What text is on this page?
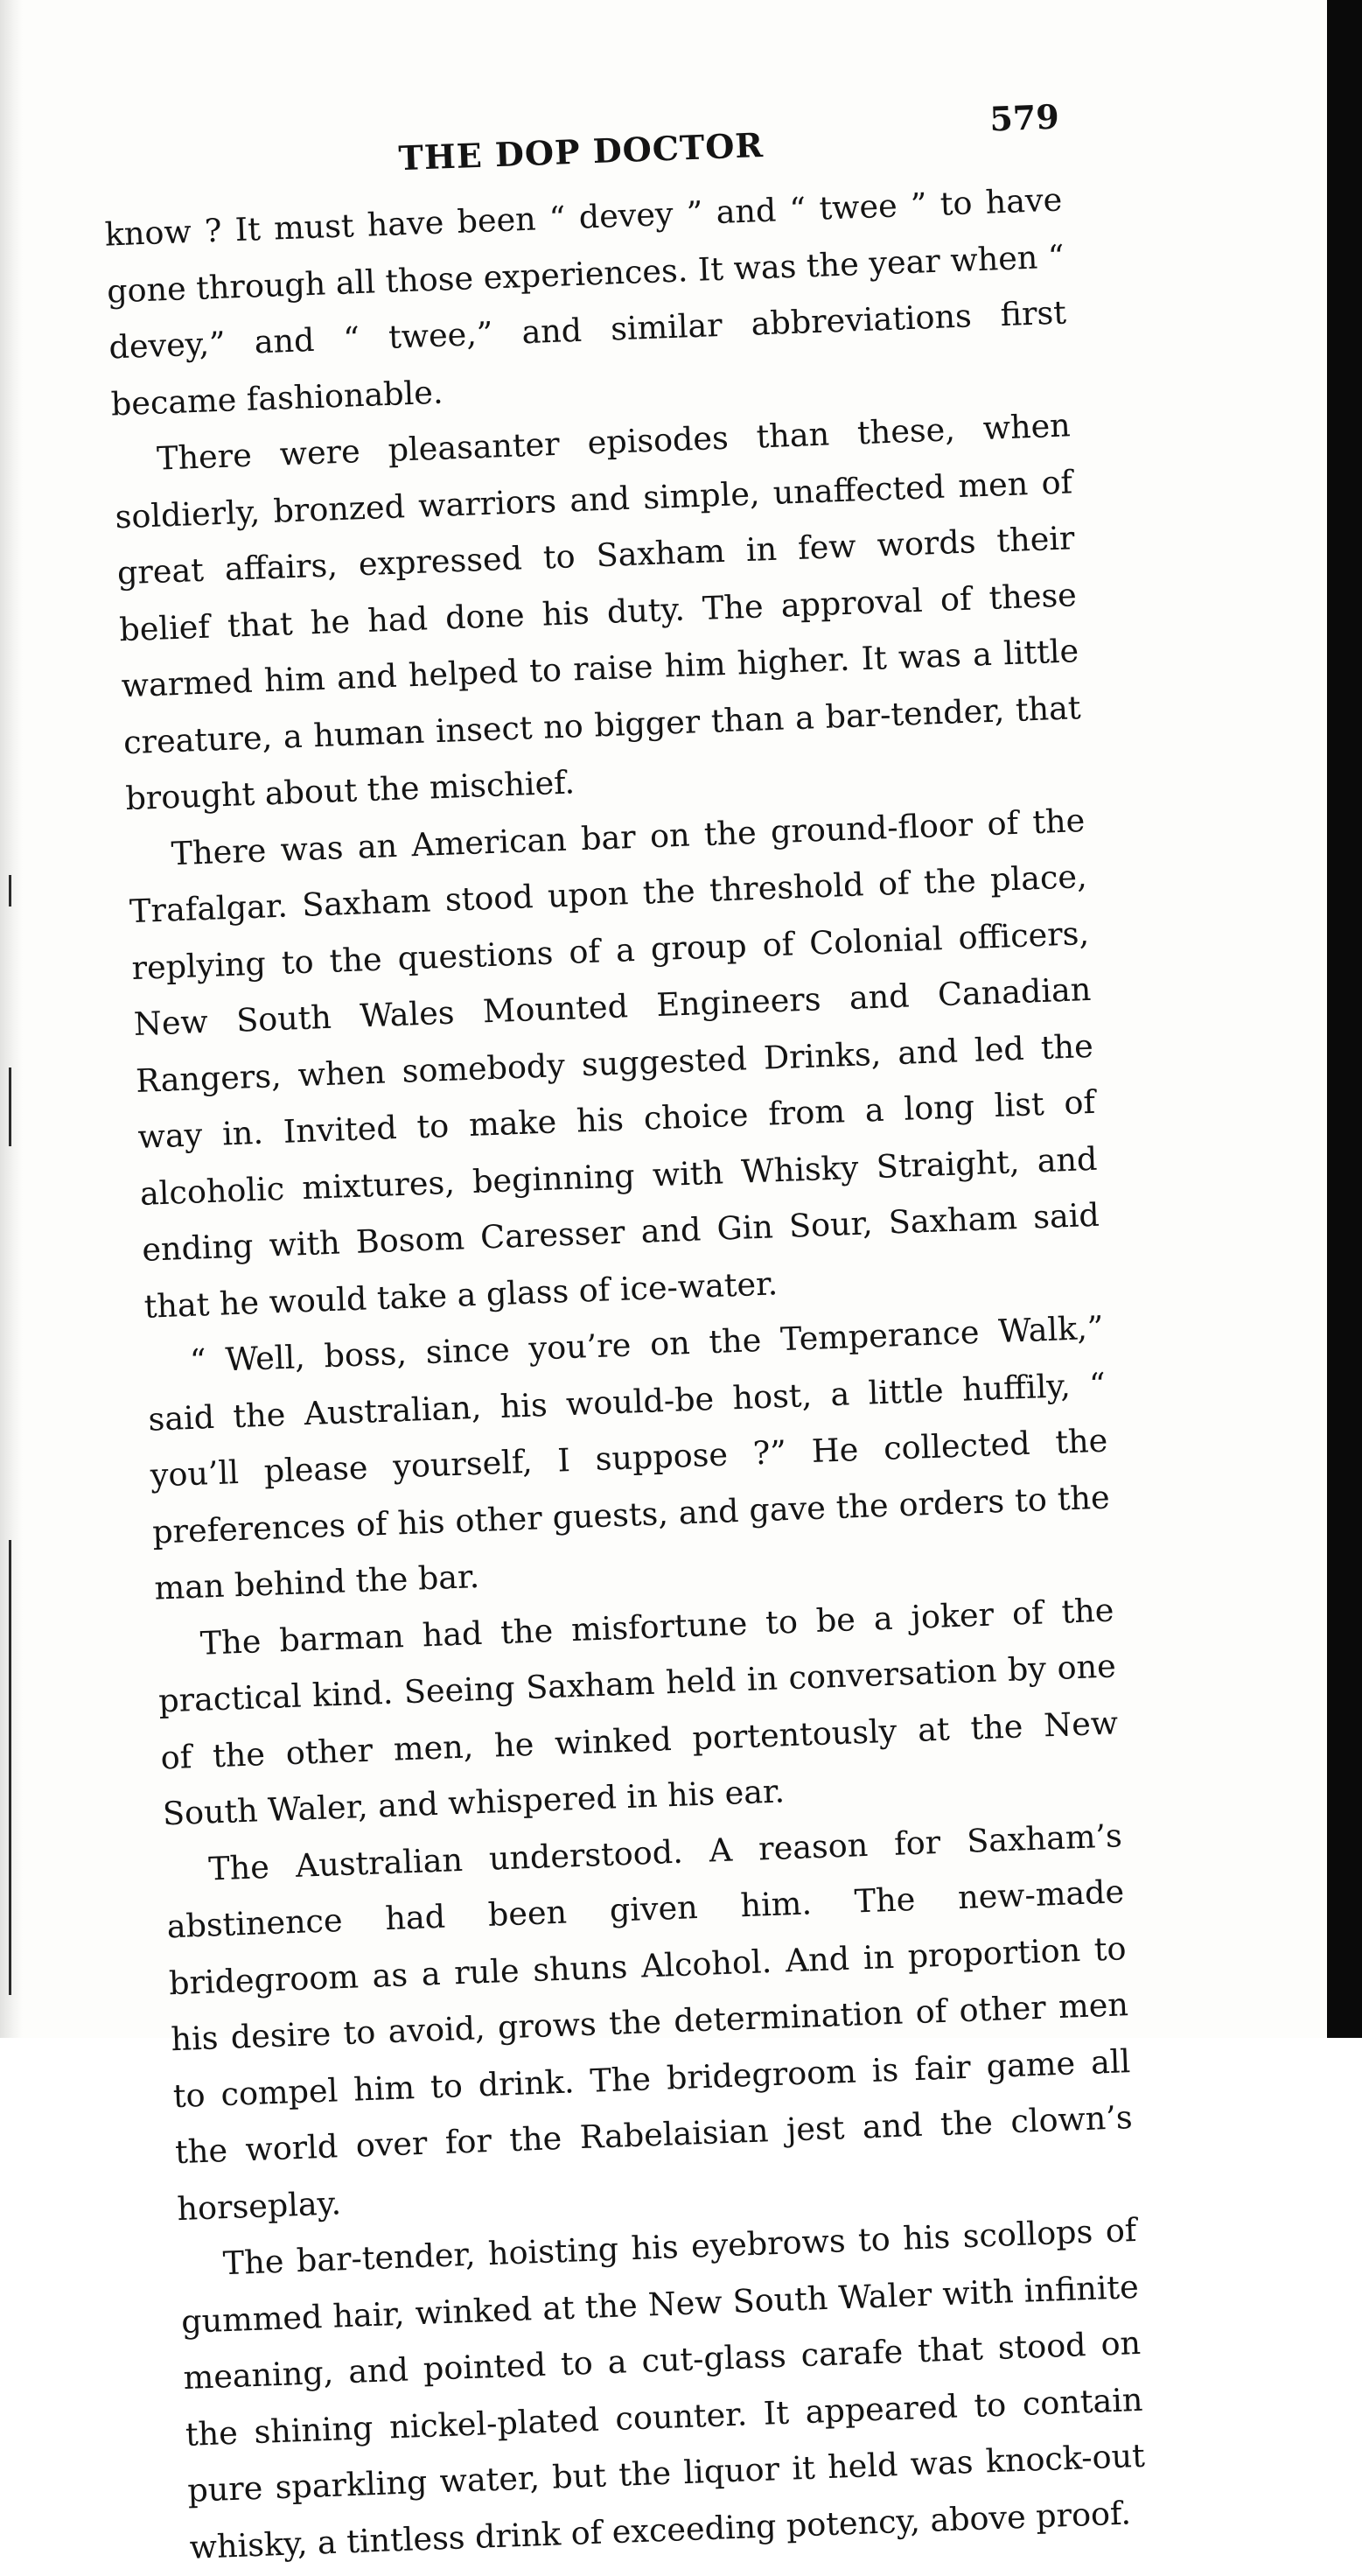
THE DOP DOCTOR
579

know ? It must have been “ devey ” and “ twee ” to have gone through all those experiences. It was the year when “ devey,” and “ twee,” and similar abbreviations first became fashionable.

There were pleasanter episodes than these, when soldierly, bronzed warriors and simple, unaffected men of great affairs, expressed to Saxham in few words their belief that he had done his duty. The approval of these warmed him and helped to raise him higher. It was a little creature, a human insect no bigger than a bar-tender, that brought about the mischief.

There was an American bar on the ground-floor of the Trafalgar. Saxham stood upon the threshold of the place, replying to the questions of a group of Colonial officers, New South Wales Mounted Engineers and Canadian Rangers, when somebody suggested Drinks, and led the way in. Invited to make his choice from a long list of alcoholic mixtures, beginning with Whisky Straight, and ending with Bosom Caresser and Gin Sour, Saxham said that he would take a glass of ice-water.

“ Well, boss, since you’re on the Temperance Walk,” said the Australian, his would-be host, a little huffily, “ you’ll please yourself, I suppose ?” He collected the preferences of his other guests, and gave the orders to the man behind the bar.

The barman had the misfortune to be a joker of the practical kind. Seeing Saxham held in conversation by one of the other men, he winked portentously at the New South Waler, and whispered in his ear.

The Australian understood. A reason for Saxham’s abstinence had been given him. The new-made bridegroom as a rule shuns Alcohol. And in proportion to his desire to avoid, grows the determination of other men to compel him to drink. The bridegroom is fair game all the world over for the Rabelaisian jest and the clown’s horseplay.

The bar-tender, hoisting his eyebrows to his scollops of gummed hair, winked at the New South Waler with infinite meaning, and pointed to a cut-glass carafe that stood on the shining nickel-plated counter. It appeared to contain pure sparkling water, but the liquor it held was knock-out whisky, a tintless drink of exceeding potency, above proof.
